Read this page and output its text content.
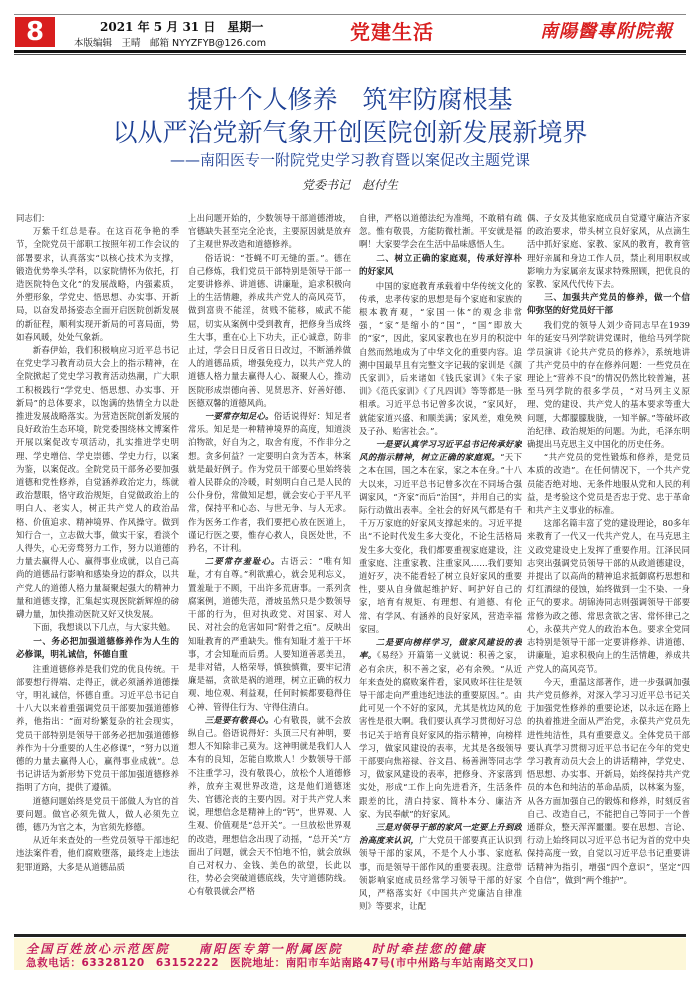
8	2021 年 5 月 31 日　星期一
本版编辑　王晴　邮箱 NYYZFYB@126.com	党建生活	南陽醫專附院報
提升个人修养　筑牢防腐根基
以从严治党新气象开创医院创新发展新境界
——南阳医专一附院党史学习教育暨以案促改主题党课
党委书记　赵付生

同志们：

万紫千红总是春。在这百花争艳的季节，全院党员干部职工按照年初工作会议的部署要求，认真落实“以核心技术为支撑，锻造优势拳头学科，以家院情怀为依托，打造医院特色文化”的发展战略，内强素质，外塑形象，学党史、悟思想、办实事、开新局，以奋发昂扬姿态全面开启医院创新发展的新征程，顺利实现开新局的可喜局面，势如春风暖，处处气象新。

新春伊始，我们积极响应习近平总书记在党史学习教育动员大会上的指示精神，在全院掀起了党史学习教育活动热潮，广大职工积极践行“学党史、悟思想、办实事、开新局”的总体要求，以饱满的热情全力以赴推进发展战略落实。为营造医院创新发展的良好政治生态环境，院党委围绕林文博案件开展以案促改专项活动，扎实推进学史明理、学史增信、学史崇德、学史力行，以案为鉴，以案促改。全院党员干部务必要加强道德和党性修养，自觉涵养政治定力，练就政治慧眼，恪守政治规矩，自觉做政治上的明白人、老实人，树正共产党人的政治品格、价值追求、精神境界、作风操守。做到知行合一，立志做大事，做实干家，看淡个人得失，心无旁骛努力工作，努力以道德的力量去赢得人心、赢得事业成就，以自己高尚的道德品行影响和感染身边的群众，以共产党人的道德人格力量凝聚起强大的精神力量和道德支撑，汇集起实现医院新辉煌的磅礴力量，加快推动医院又好又快发展。

下面，我想谈以下几点，与大家共勉。

一、务必把加强道德修养作为人生的必修课，明礼诚信，怀德自重

注重道德修养是我们党的优良传统。干部要想行得端、走得正，就必须涵养道德操守，明礼诚信，怀德自重。习近平总书记自十八大以来着重强调党员干部要加强道德修养，他指出：“面对纷繁复杂的社会现实，党员干部特别是领导干部务必把加强道德修养作为十分重要的人生必修课”，“努力以道德的力量去赢得人心，赢得事业成就”。总书记讲话为新形势下党员干部加强道德修养指明了方向，提供了遵循。

道德问题始终是党员干部做人为官的首要问题。做官必须先做人，做人必须先立德，德乃为官之本，为官须先修德。

从近年来查处的一些党员领导干部违纪违法案件看，他们腐败堕落，最终走上违法犯罪道路，大多是从道德品质

上出问题开始的，少数领导干部道德滑坡，官德缺失甚至完全沦丧，主要原因就是放弃了主观世界改造和道德修养。

俗话说：“苍蝇不叮无缝的蛋。”。德在自己修炼，我们党员干部特别是领导干部一定要讲修养、讲道德、讲廉耻，追求积极向上的生活情趣，养成共产党人的高风亮节，做到富贵不能淫，贫贱不能移，威武不能屈，切实从案例中受到教育，把修身当成终生大事，重在心上下功夫，正心诚意，防非止过，学会日日反省日日改过，不断涵养做人的道德品质，增强免疫力，以共产党人的道德人格力量去赢得人心、凝聚人心，推动医院形成崇德向善、见贤思齐、好善好德、医德双馨的道德风尚。

一要常存知足心。俗话说得好：知足者常乐。知足是一种精神境界的高度，知道淡泊物欲，好自为之，取舍有度，不作非分之想。贪多何益？一定要明白贪为苦本，林案就是最好例子。作为党员干部要心里始终装着人民群众的冷暖，时刻明白自己是人民的公仆身份，常做知足想，就会安心于平凡平常，保持平和心态、与世无争、与人无求。作为医务工作者，我们要把心放在医道上，谨记行医之要，惟存心救人，良医处世，不矜名，不计利。

二要常存羞耻心。古语云：“唯有知耻，才有自尊。”利欲熏心，就会见利忘义，置羞耻于不顾，干出许多荒唐事。一系列贪腐案例，道德失范，滑坡虽然只是少数领导干部的行为，但对执政党、对国家、对人民、对社会的危害如同“附骨之疽”。反映出知耻教育的严重缺失。惟有知耻才羞于干坏事，才会知耻而后勇。人要知道善恶美丑，是非对错，人格荣辱，慎独慎微，要牢记清廉是福，贪欲是祸的道理，树立正确的权力观、地位观、利益观，任何时候都要稳得住心神、管得住行为、守得住清白。

三是要有敬畏心。心有敬畏，就不会放纵自己。俗语说得好：头顶三尺有神明，要想人不知除非己莫为。这神明就是我们人人本有的良知，怎能自欺欺人！少数领导干部不注重学习，没有敬畏心，放松个人道德修养，放弃主观世界改造，这是他们道德迷失、官德沦丧的主要内因。对于共产党人来说，理想信念是精神上的“钙”，世界观、人生观、价值观是“总开关”。一旦放松世界观的改造，理想信念出现了动摇，“总开关”方面出了问题，就会天不怕地不怕，就会放纵自己对权力、金钱、美色的欲望，长此以往，势必会突破道德底线，失守道德防线。心有敬畏就会严格

自律，严格以道德法纪为准绳，不敢稍有疏忽。惟有敬畏，方能防微杜渐。平安就是福啊！大家要学会在生活中品味感悟人生。

二、树立正确的家庭观，传承好淳朴的好家风

中国的家庭教育承载着中华传统文化的传承，忠孝传家的思想是每个家庭和家族的根本教育观，“家国一体”的观念非常强，“家”是缩小的“国”，“国”即放大的“家”，因此，家风家教也在岁月的积淀中自然而然地成为了中华文化的重要内容。追溯中国最早且有完整文字记载的家训是《颜氏家训》，后来诸如《钱氏家训》《朱子家训》《范氏家训》《了凡四训》等等都是一脉相承。习近平总书记曾多次说，“家风好，就能家道兴盛、和顺美满；家风差，难免殃及子孙、贻害社会。”。

一是要认真学习习近平总书记传承好家风的指示精神，树立正确的家庭观。“天下之本在国，国之本在家，家之本在身。”十八大以来，习近平总书记曾多次在不同场合强调家风，“齐家”而后“治国”，并用自己的实际行动做出表率。全社会的好风气都是有千千万万家庭的好家风支撑起来的。习近平提出“不论时代发生多大变化，不论生活格局发生多大变化，我们都要重视家庭建设，注重家庭、注重家教、注重家风……我们要知道好歹，决不能看轻了树立良好家风的重要性，要从自身做起维护好、呵护好自己的家，培育有规矩、有理想、有道德、有伦常、有学风、有涵养的良好家风，营造幸福家园。

二是要向榜样学习，做家风建设的表率。《易经》开篇第一义就说：积善之家，必有余庆，积不善之家，必有余殃。“从近年来查处的腐败案件看，家风败坏往往是领导干部走向严重违纪违法的重要原因。”。由此可见一个不好的家风，尤其是枕边风的危害性是很大啊。我们要认真学习贯彻好习总书记关于培育良好家风的指示精神，向榜样学习，做家风建设的表率，尤其是各级领导干部要向焦裕禄、谷文昌、杨善洲等同志学习，做家风建设的表率，把修身、齐家落到实处，形成“工作上向先进看齐，生活条件跟差的比，清白持家、简朴本分、廉洁齐家、为民奉献”的好家风。

三是对领导干部的家风一定要上升到政治高度来认识，广大党员干部要真正认识到领导干部的家风，不是个人小事、家庭私事，而是领导干部作风的重要表现。注意带领影响家庭成员经常学习领导干部的好家风，严格落实好《中国共产党廉洁自律准则》等要求，让配

偶、子女及其他家庭成员自觉遵守廉洁齐家的政治要求，带头树立良好家风，从点滴生活中抓好家庭、家教、家风的教育，教育管理好亲属和身边工作人员，禁止利用职权或影响力为家属亲友谋求特殊照顾，把优良的家教、家风代代传下去。

三、加强共产党员的修养，做一个信仰弥坚的好党员好干部

我们党的领导人刘少奇同志早在1939 年的延安马列学院讲党课时，他给马列学院学员演讲《论共产党员的修养》，系统地讲了共产党员中的存在修养问题：一些党员在理论上“营养不良”的情况仍然比较普遍，甚至马列学院的很多学员，“对马列主义原理、党的建设、共产党人的基本要求等重大问题，大都朦朦胧胧，一知半解。”等破坏政治纪律、政治规矩的问题。为此，毛泽东明确提出马克思主义中国化的历史任务。

“共产党员的党性锻炼和修养，是党员本质的改造”。在任何情况下，一个共产党员能否绝对地、无条件地服从党和人民的利益，是考验这个党员是否忠于党、忠于革命和共产主义事业的标准。

这部名篇丰富了党的建设理论，80多年来教育了一代又一代共产党人，在马克思主义政党建设史上发挥了重要作用。江泽民同志突出强调党员领导干部的从政道德建设，并提出了以高尚的精神追求抵御腐朽思想和灯红酒绿的侵蚀，始终做到一尘不染、一身正气的要求。胡锦涛同志则强调领导干部要常修为政之德、常思贪欲之害、常怀律己之心，永葆共产党人的政治本色。要求全党同志特别是领导干部一定要讲修养、讲道德、讲廉耻，追求积极向上的生活情趣，养成共产党人的高风亮节。

今天，重温这部著作，进一步强调加强共产党员修养，对深入学习习近平总书记关于加强党性修养的重要论述，以永远在路上的执着推进全面从严治党，永葆共产党员先进性纯洁性，具有重要意义。全体党员干部要认真学习贯彻习近平总书记在今年的党史学习教育动员大会上的讲话精神，学党史、悟思想、办实事、开新局，始终保持共产党员的本色和纯洁的革命品质，以林案为鉴，从各方面加强自己的锻炼和修养，时刻反省自己、改造自己，不能把自己等同于一个普通群众，整天浑浑噩噩。要在思想、言论、行动上始终同以习近平总书记为首的党中央保持高度一致，自觉以习近平总书记重要讲话精神为指引，增强“四个意识”，坚定“四个自信”，做到“两个维护”。

全国百姓放心示范医院　　南阳医专第一附属医院　　时时牵挂您的健康
急救电话：63328120　63152222　医院地址：南阳市车站南路47号(市中州路与车站南路交叉口)
